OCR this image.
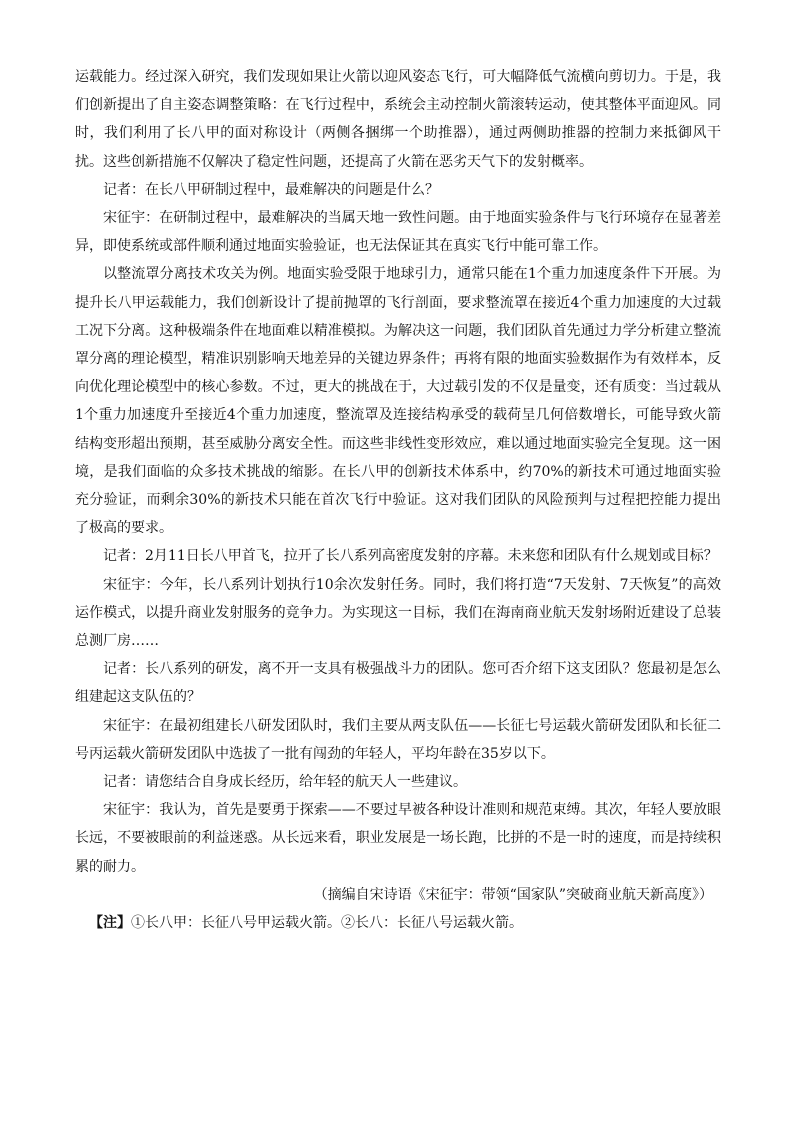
运载能力。经过深入研究，我们发现如果让火箭以迎风姿态飞行，可大幅降低气流横向剪切力。于是，我们创新提出了自主姿态调整策略：在飞行过程中，系统会主动控制火箭滚转运动，使其整体平面迎风。同时，我们利用了长八甲的面对称设计（两侧各捆绑一个助推器），通过两侧助推器的控制力来抵御风干扰。这些创新措施不仅解决了稳定性问题，还提高了火箭在恶劣天气下的发射概率。

记者：在长八甲研制过程中，最难解决的问题是什么？

宋征宇：在研制过程中，最难解决的当属天地一致性问题。由于地面实验条件与飞行环境存在显著差异，即使系统或部件顺利通过地面实验验证，也无法保证其在真实飞行中能可靠工作。

以整流罩分离技术攻关为例。地面实验受限于地球引力，通常只能在1个重力加速度条件下开展。为提升长八甲运载能力，我们创新设计了提前抛罩的飞行剖面，要求整流罩在接近4个重力加速度的大过载工况下分离。这种极端条件在地面难以精准模拟。为解决这一问题，我们团队首先通过力学分析建立整流罩分离的理论模型，精准识别影响天地差异的关键边界条件；再将有限的地面实验数据作为有效样本，反向优化理论模型中的核心参数。不过，更大的挑战在于，大过载引发的不仅是量变，还有质变：当过载从1个重力加速度升至接近4个重力加速度，整流罩及连接结构承受的载荷呈几何倍数增长，可能导致火箭结构变形超出预期，甚至威胁分离安全性。而这些非线性变形效应，难以通过地面实验完全复现。这一困境，是我们面临的众多技术挑战的缩影。在长八甲的创新技术体系中，约70%的新技术可通过地面实验充分验证，而剩余30%的新技术只能在首次飞行中验证。这对我们团队的风险预判与过程把控能力提出了极高的要求。

记者：2月11日长八甲首飞，拉开了长八系列高密度发射的序幕。未来您和团队有什么规划或目标？

宋征宇：今年，长八系列计划执行10余次发射任务。同时，我们将打造“7天发射、7天恢复”的高效运作模式，以提升商业发射服务的竞争力。为实现这一目标，我们在海南商业航天发射场附近建设了总装总测厂房……

记者：长八系列的研发，离不开一支具有极强战斗力的团队。您可否介绍下这支团队？您最初是怎么组建起这支队伍的？

宋征宇：在最初组建长八研发团队时，我们主要从两支队伍——长征七号运载火箭研发团队和长征二号丙运载火箭研发团队中选拔了一批有闯劲的年轻人，平均年龄在35岁以下。

记者：请您结合自身成长经历，给年轻的航天人一些建议。

宋征宇：我认为，首先是要勇于探索——不要过早被各种设计准则和规范束缚。其次，年轻人要放眼长远，不要被眼前的利益迷惑。从长远来看，职业发展是一场长跑，比拼的不是一时的速度，而是持续积累的耐力。

（摘编自宋诗语《宋征宇：带领“国家队”突破商业航天新高度》）

【注】①长八甲：长征八号甲运载火箭。②长八：长征八号运载火箭。
